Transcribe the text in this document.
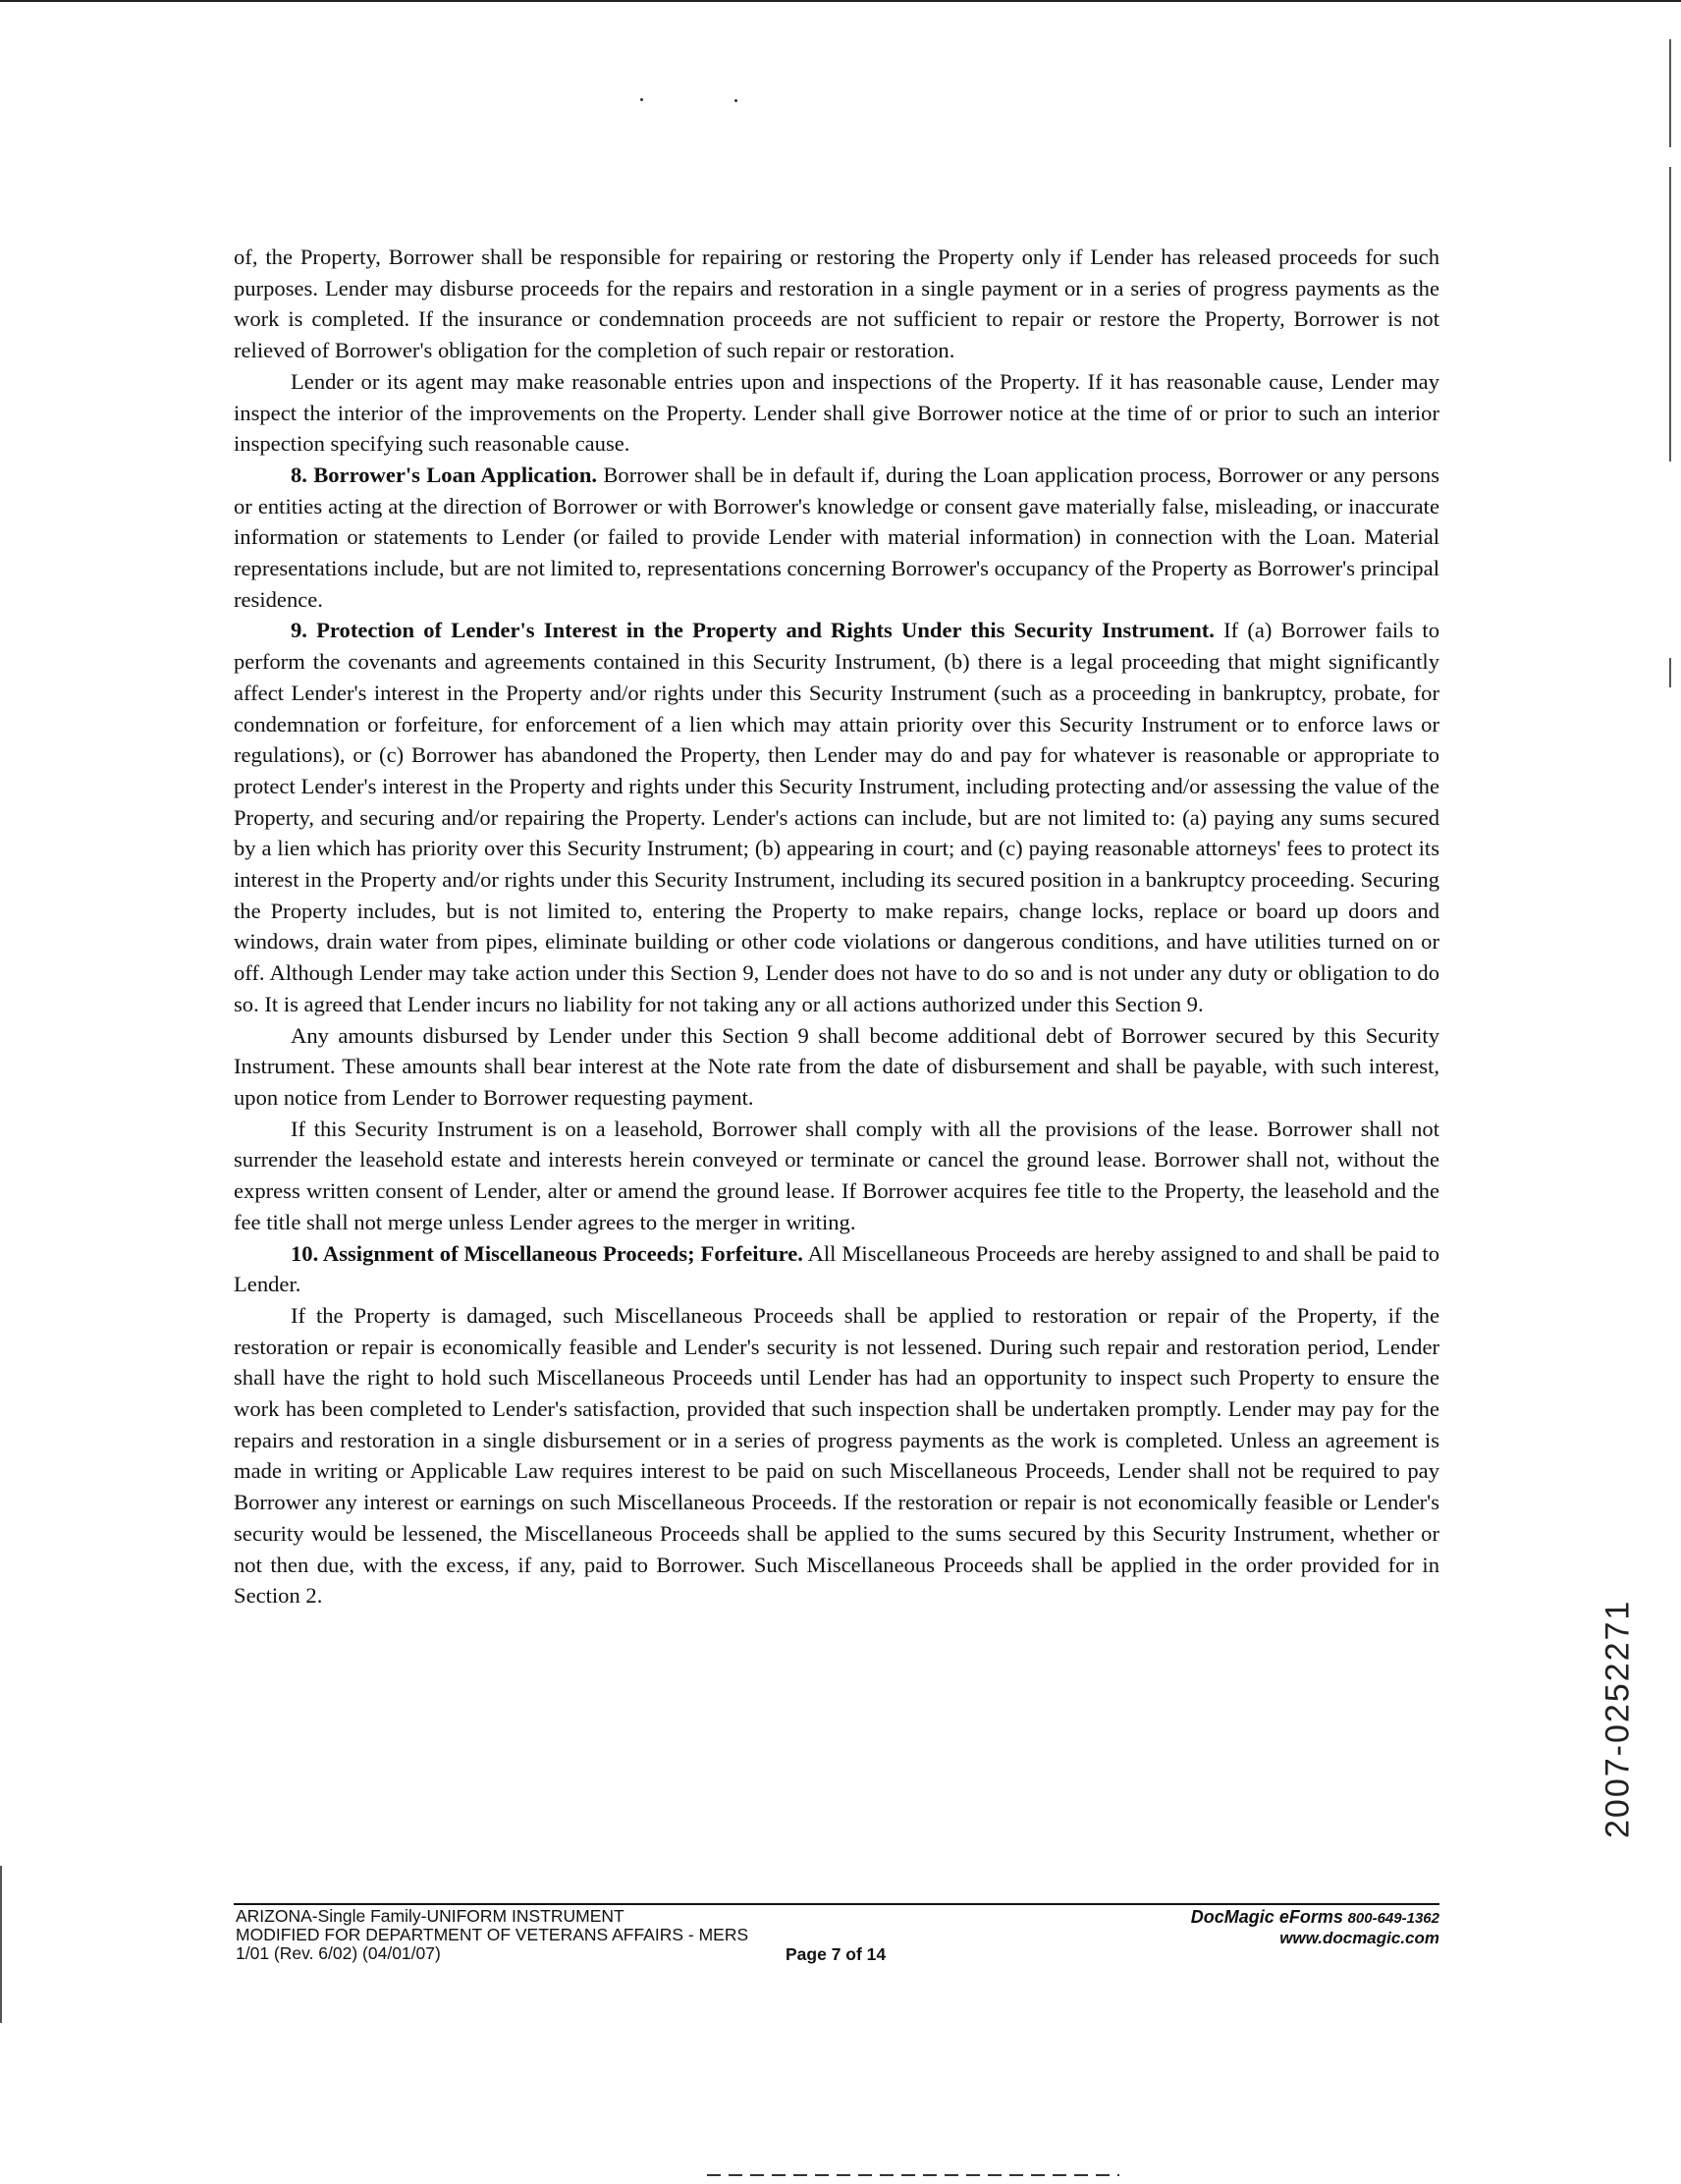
of, the Property, Borrower shall be responsible for repairing or restoring the Property only if Lender has released proceeds for such purposes. Lender may disburse proceeds for the repairs and restoration in a single payment or in a series of progress payments as the work is completed. If the insurance or condemnation proceeds are not sufficient to repair or restore the Property, Borrower is not relieved of Borrower's obligation for the completion of such repair or restoration.

Lender or its agent may make reasonable entries upon and inspections of the Property. If it has reasonable cause, Lender may inspect the interior of the improvements on the Property. Lender shall give Borrower notice at the time of or prior to such an interior inspection specifying such reasonable cause.

8. Borrower's Loan Application. Borrower shall be in default if, during the Loan application process, Borrower or any persons or entities acting at the direction of Borrower or with Borrower's knowledge or consent gave materially false, misleading, or inaccurate information or statements to Lender (or failed to provide Lender with material information) in connection with the Loan. Material representations include, but are not limited to, representations concerning Borrower's occupancy of the Property as Borrower's principal residence.

9. Protection of Lender's Interest in the Property and Rights Under this Security Instrument. If (a) Borrower fails to perform the covenants and agreements contained in this Security Instrument, (b) there is a legal proceeding that might significantly affect Lender's interest in the Property and/or rights under this Security Instrument (such as a proceeding in bankruptcy, probate, for condemnation or forfeiture, for enforcement of a lien which may attain priority over this Security Instrument or to enforce laws or regulations), or (c) Borrower has abandoned the Property, then Lender may do and pay for whatever is reasonable or appropriate to protect Lender's interest in the Property and rights under this Security Instrument, including protecting and/or assessing the value of the Property, and securing and/or repairing the Property. Lender's actions can include, but are not limited to: (a) paying any sums secured by a lien which has priority over this Security Instrument; (b) appearing in court; and (c) paying reasonable attorneys' fees to protect its interest in the Property and/or rights under this Security Instrument, including its secured position in a bankruptcy proceeding. Securing the Property includes, but is not limited to, entering the Property to make repairs, change locks, replace or board up doors and windows, drain water from pipes, eliminate building or other code violations or dangerous conditions, and have utilities turned on or off. Although Lender may take action under this Section 9, Lender does not have to do so and is not under any duty or obligation to do so. It is agreed that Lender incurs no liability for not taking any or all actions authorized under this Section 9.

Any amounts disbursed by Lender under this Section 9 shall become additional debt of Borrower secured by this Security Instrument. These amounts shall bear interest at the Note rate from the date of disbursement and shall be payable, with such interest, upon notice from Lender to Borrower requesting payment.

If this Security Instrument is on a leasehold, Borrower shall comply with all the provisions of the lease. Borrower shall not surrender the leasehold estate and interests herein conveyed or terminate or cancel the ground lease. Borrower shall not, without the express written consent of Lender, alter or amend the ground lease. If Borrower acquires fee title to the Property, the leasehold and the fee title shall not merge unless Lender agrees to the merger in writing.

10. Assignment of Miscellaneous Proceeds; Forfeiture. All Miscellaneous Proceeds are hereby assigned to and shall be paid to Lender.

If the Property is damaged, such Miscellaneous Proceeds shall be applied to restoration or repair of the Property, if the restoration or repair is economically feasible and Lender's security is not lessened. During such repair and restoration period, Lender shall have the right to hold such Miscellaneous Proceeds until Lender has had an opportunity to inspect such Property to ensure the work has been completed to Lender's satisfaction, provided that such inspection shall be undertaken promptly. Lender may pay for the repairs and restoration in a single disbursement or in a series of progress payments as the work is completed. Unless an agreement is made in writing or Applicable Law requires interest to be paid on such Miscellaneous Proceeds, Lender shall not be required to pay Borrower any interest or earnings on such Miscellaneous Proceeds. If the restoration or repair is not economically feasible or Lender's security would be lessened, the Miscellaneous Proceeds shall be applied to the sums secured by this Security Instrument, whether or not then due, with the excess, if any, paid to Borrower. Such Miscellaneous Proceeds shall be applied in the order provided for in Section 2.

ARIZONA-Single Family-UNIFORM INSTRUMENT
MODIFIED FOR DEPARTMENT OF VETERANS AFFAIRS - MERS
1/01 (Rev. 6/02) (04/01/07)	Page 7 of 14
DocMagic eForms 800-649-1362
www.docmagic.com
2007-0252271
